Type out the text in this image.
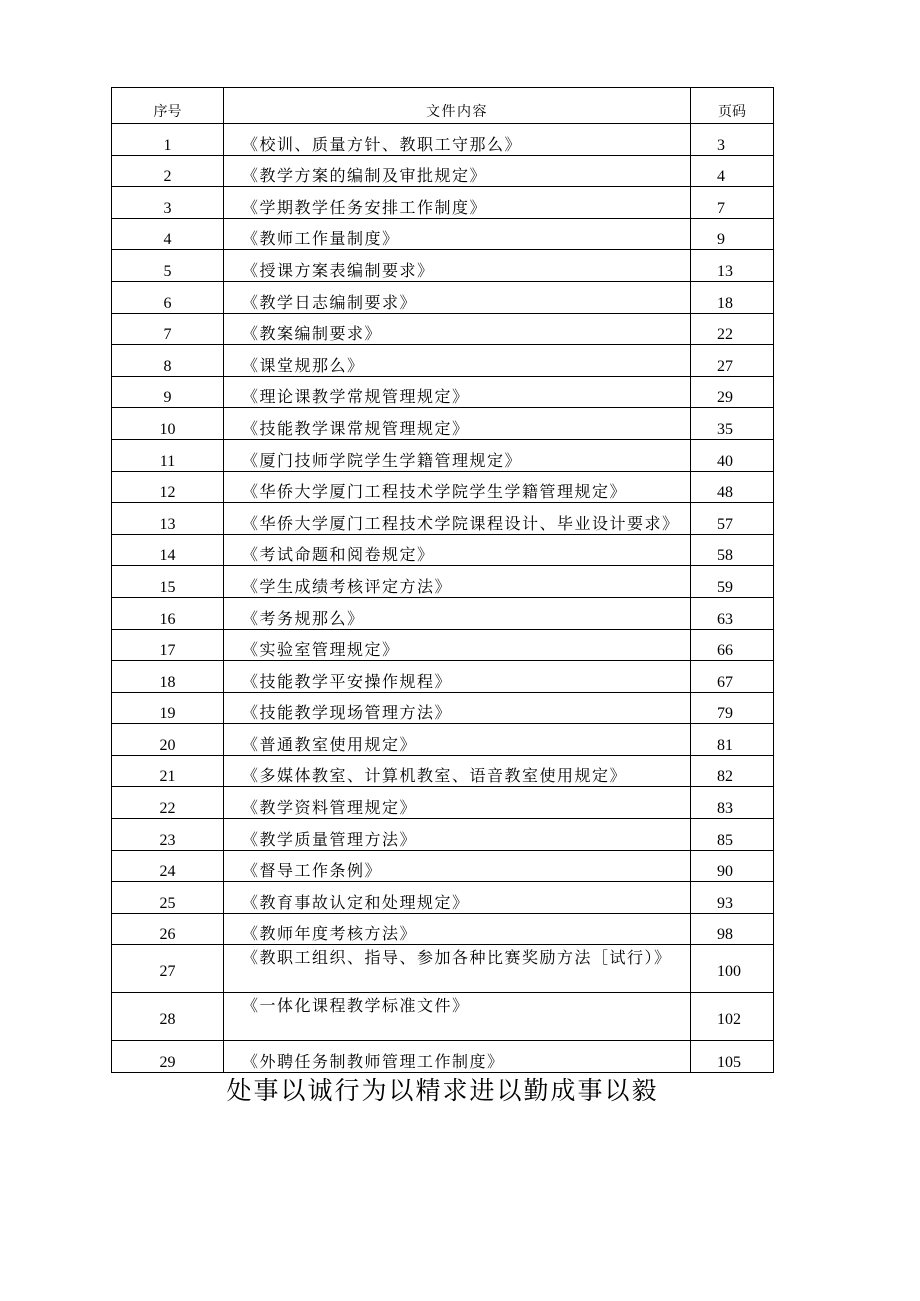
序号	文件内容	页码
1	《校训、质量方针、教职工守那么》	3
2	《教学方案的编制及审批规定》	4
3	《学期教学任务安排工作制度》	7
4	《教师工作量制度》	9
5	《授课方案表编制要求》	13
6	《教学日志编制要求》	18
7	《教案编制要求》	22
8	《课堂规那么》	27
9	《理论课教学常规管理规定》	29
10	《技能教学课常规管理规定》	35
11	《厦门技师学院学生学籍管理规定》	40
12	《华侨大学厦门工程技术学院学生学籍管理规定》	48
13	《华侨大学厦门工程技术学院课程设计、毕业设计要求》	57
14	《考试命题和阅卷规定》	58
15	《学生成绩考核评定方法》	59
16	《考务规那么》	63
17	《实验室管理规定》	66
18	《技能教学平安操作规程》	67
19	《技能教学现场管理方法》	79
20	《普通教室使用规定》	81
21	《多媒体教室、计算机教室、语音教室使用规定》	82
22	《教学资料管理规定》	83
23	《教学质量管理方法》	85
24	《督导工作条例》	90
25	《教育事故认定和处理规定》	93
26	《教师年度考核方法》	98
27	《教职工组织、指导、参加各种比赛奖励方法［试行）》	100
28	《一体化课程教学标准文件》	102
29	《外聘任务制教师管理工作制度》	105
处事以诚行为以精求进以勤成事以毅
